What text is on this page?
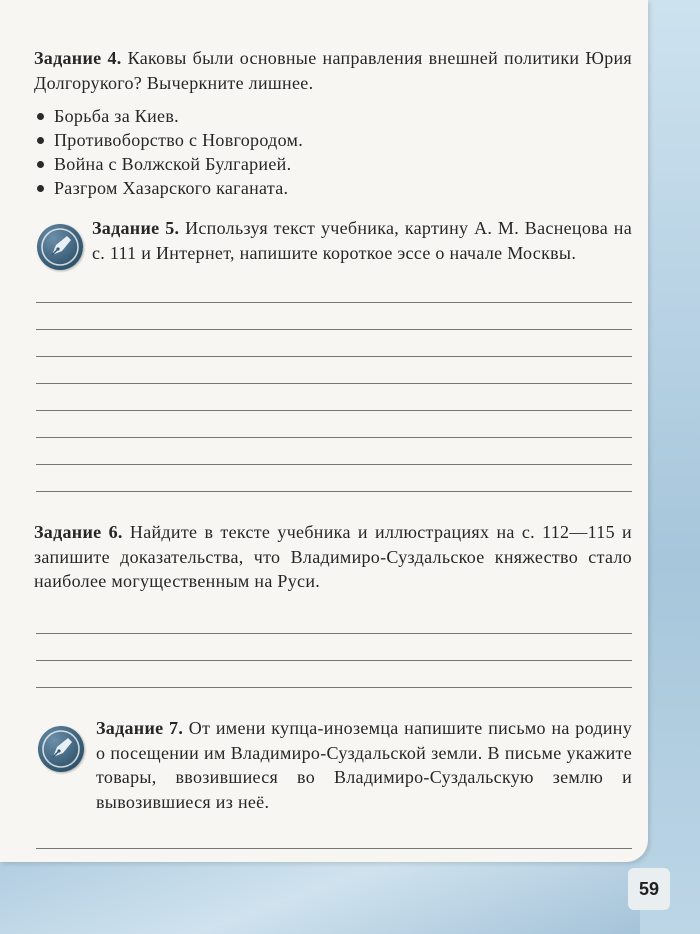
Задание 4. Каковы были основные направления внешней политики Юрия Долгорукого? Вычеркните лишнее.
Борьба за Киев.
Противоборство с Новгородом.
Война с Волжской Булгарией.
Разгром Хазарского каганата.
Задание 5. Используя текст учебника, картину А. М. Васнецова на с. 111 и Интернет, напишите короткое эссе о начале Москвы.
Задание 6. Найдите в тексте учебника и иллюстрациях на с. 112—115 и запишите доказательства, что Владимиро-Суздальское княжество стало наиболее могущественным на Руси.
Задание 7. От имени купца-иноземца напишите письмо на родину о посещении им Владимиро-Суздальской земли. В письме укажите товары, ввозившиеся во Владимиро-Суздальскую землю и вывозившиеся из неё.
59
